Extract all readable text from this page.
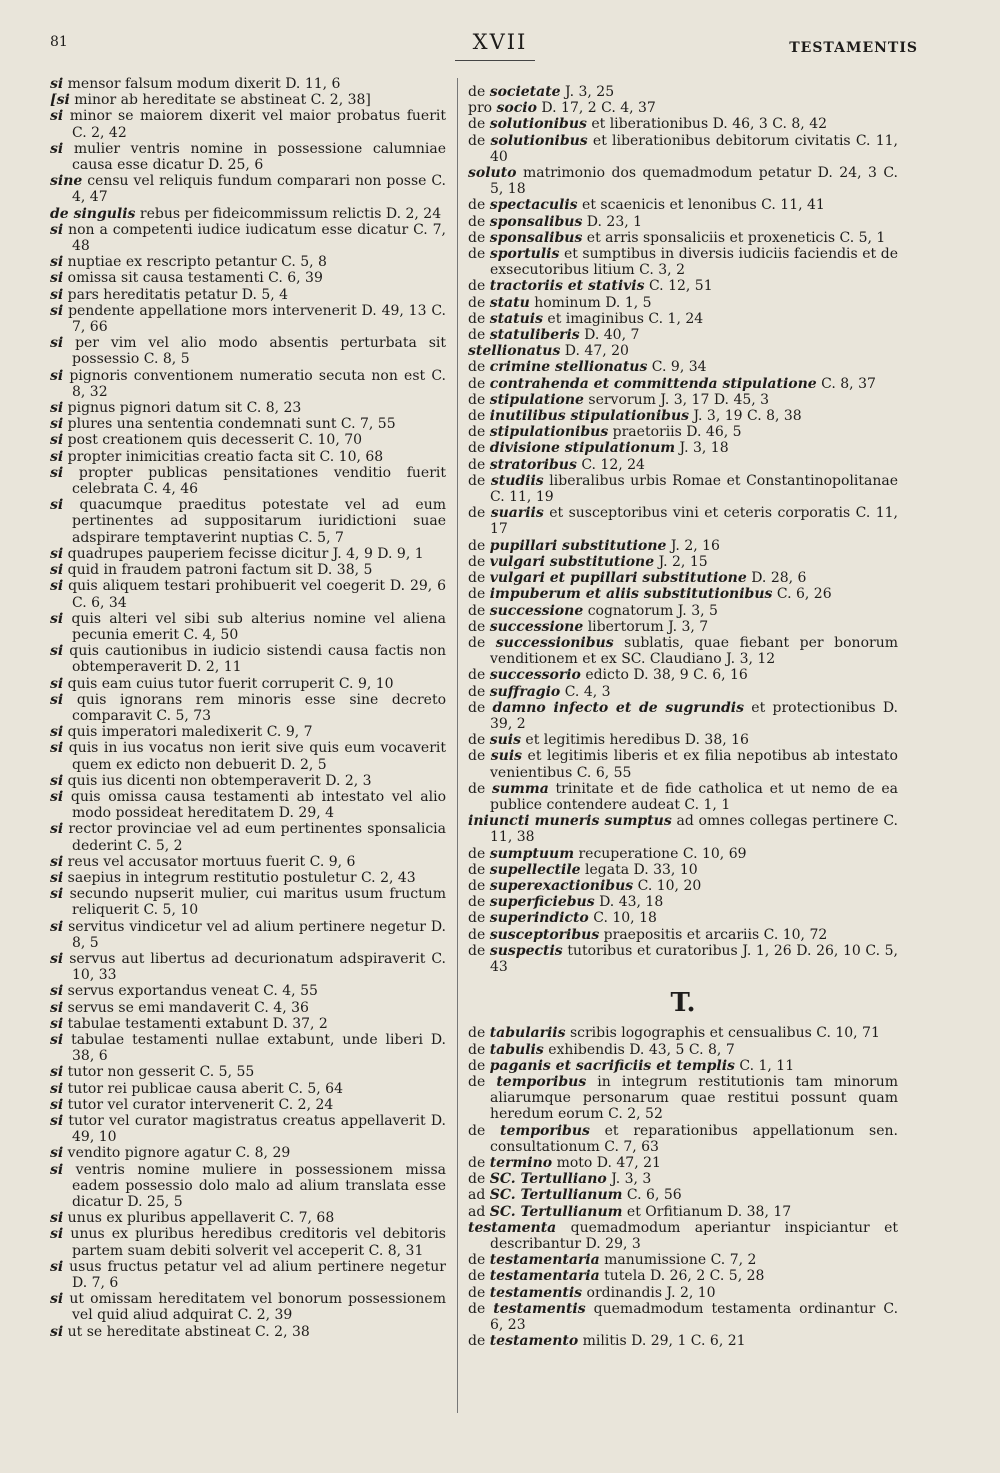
81	XVII	TESTAMENTIS

si mensor falsum modum dixerit D. 11, 6

[si minor ab hereditate se abstineat C. 2, 38]

si minor se maiorem dixerit vel maior probatus fuerit C. 2, 42

si mulier ventris nomine in possessione calumniae causa esse dicatur D. 25, 6

sine censu vel reliquis fundum comparari non posse C. 4, 47

de singulis rebus per fideicommissum relictis D. 2, 24

si non a competenti iudice iudicatum esse dicatur C. 7, 48

si nuptiae ex rescripto petantur C. 5, 8

si omissa sit causa testamenti C. 6, 39

si pars hereditatis petatur D. 5, 4

si pendente appellatione mors intervenerit D. 49, 13 C. 7, 66

si per vim vel alio modo absentis perturbata sit possessio C. 8, 5

si pignoris conventionem numeratio secuta non est C. 8, 32

si pignus pignori datum sit C. 8, 23

si plures una sententia condemnati sunt C. 7, 55

si post creationem quis decesserit C. 10, 70

si propter inimicitias creatio facta sit C. 10, 68

si propter publicas pensitationes venditio fuerit celebrata C. 4, 46

si quacumque praeditus potestate vel ad eum pertinentes ad suppositarum iuridictioni suae adspirare temptaverint nuptias C. 5, 7

si quadrupes pauperiem fecisse dicitur J. 4, 9 D. 9, 1

si quid in fraudem patroni factum sit D. 38, 5

si quis aliquem testari prohibuerit vel coegerit D. 29, 6 C. 6, 34

si quis alteri vel sibi sub alterius nomine vel aliena pecunia emerit C. 4, 50

si quis cautionibus in iudicio sistendi causa factis non obtemperaverit D. 2, 11

si quis eam cuius tutor fuerit corruperit C. 9, 10

si quis ignorans rem minoris esse sine decreto comparavit C. 5, 73

si quis imperatori maledixerit C. 9, 7

si quis in ius vocatus non ierit sive quis eum vocaverit quem ex edicto non debuerit D. 2, 5

si quis ius dicenti non obtemperaverit D. 2, 3

si quis omissa causa testamenti ab intestato vel alio modo possideat hereditatem D. 29, 4

si rector provinciae vel ad eum pertinentes sponsalicia dederint C. 5, 2

si reus vel accusator mortuus fuerit C. 9, 6

si saepius in integrum restitutio postuletur C. 2, 43

si secundo nupserit mulier, cui maritus usum fructum reliquerit C. 5, 10

si servitus vindicetur vel ad alium pertinere negetur D. 8, 5

si servus aut libertus ad decurionatum adspiraverit C. 10, 33

si servus exportandus veneat C. 4, 55

si servus se emi mandaverit C. 4, 36

si tabulae testamenti extabunt D. 37, 2

si tabulae testamenti nullae extabunt, unde liberi D. 38, 6

si tutor non gesserit C. 5, 55

si tutor rei publicae causa aberit C. 5, 64

si tutor vel curator intervenerit C. 2, 24

si tutor vel curator magistratus creatus appellaverit D. 49, 10

si vendito pignore agatur C. 8, 29

si ventris nomine muliere in possessionem missa eadem possessio dolo malo ad alium translata esse dicatur D. 25, 5

si unus ex pluribus appellaverit C. 7, 68

si unus ex pluribus heredibus creditoris vel debitoris partem suam debiti solverit vel acceperit C. 8, 31

si usus fructus petatur vel ad alium pertinere negetur D. 7, 6

si ut omissam hereditatem vel bonorum possessionem vel quid aliud adquirat C. 2, 39

si ut se hereditate abstineat C. 2, 38

de societate J. 3, 25

pro socio D. 17, 2 C. 4, 37

de solutionibus et liberationibus D. 46, 3 C. 8, 42

de solutionibus et liberationibus debitorum civitatis C. 11, 40

soluto matrimonio dos quemadmodum petatur D. 24, 3 C. 5, 18

de spectaculis et scaenicis et lenonibus C. 11, 41

de sponsalibus D. 23, 1

de sponsalibus et arris sponsaliciis et proxeneticis C. 5, 1

de sportulis et sumptibus in diversis iudiciis faciendis et de exsecutoribus litium C. 3, 2

de tractoriis et stativis C. 12, 51

de statu hominum D. 1, 5

de statuis et imaginibus C. 1, 24

de statuliberis D. 40, 7

stellionatus D. 47, 20

de crimine stellionatus C. 9, 34

de contrahenda et committenda stipulatione C. 8, 37

de stipulatione servorum J. 3, 17 D. 45, 3

de inutilibus stipulationibus J. 3, 19 C. 8, 38

de stipulationibus praetoriis D. 46, 5

de divisione stipulationum J. 3, 18

de stratoribus C. 12, 24

de studiis liberalibus urbis Romae et Constantinopolitanae C. 11, 19

de suariis et susceptoribus vini et ceteris corporatis C. 11, 17

de pupillari substitutione J. 2, 16

de vulgari substitutione J. 2, 15

de vulgari et pupillari substitutione D. 28, 6

de impuberum et aliis substitutionibus C. 6, 26

de successione cognatorum J. 3, 5

de successione libertorum J. 3, 7

de successionibus sublatis, quae fiebant per bonorum venditionem et ex SC. Claudiano J. 3, 12

de successorio edicto D. 38, 9 C. 6, 16

de suffragio C. 4, 3

de damno infecto et de sugrundis et protectionibus D. 39, 2

de suis et legitimis heredibus D. 38, 16

de suis et legitimis liberis et ex filia nepotibus ab intestato venientibus C. 6, 55

de summa trinitate et de fide catholica et ut nemo de ea publice contendere audeat C. 1, 1

iniuncti muneris sumptus ad omnes collegas pertinere C. 11, 38

de sumptuum recuperatione C. 10, 69

de supellectile legata D. 33, 10

de superexactionibus C. 10, 20

de superficiebus D. 43, 18

de superindicto C. 10, 18

de susceptoribus praepositis et arcariis C. 10, 72

de suspectis tutoribus et curatoribus J. 1, 26 D. 26, 10 C. 5, 43

T.

de tabulariis scribis logographis et censualibus C. 10, 71

de tabulis exhibendis D. 43, 5 C. 8, 7

de paganis et sacrificiis et templis C. 1, 11

de temporibus in integrum restitutionis tam minorum aliarumque personarum quae restitui possunt quam heredum eorum C. 2, 52

de temporibus et reparationibus appellationum sen. consultationum C. 7, 63

de termino moto D. 47, 21

de SC. Tertulliano J. 3, 3

ad SC. Tertullianum C. 6, 56

ad SC. Tertullianum et Orfitianum D. 38, 17

testamenta quemadmodum aperiantur inspiciantur et describantur D. 29, 3

de testamentaria manumissione C. 7, 2

de testamentaria tutela D. 26, 2 C. 5, 28

de testamentis ordinandis J. 2, 10

de testamentis quemadmodum testamenta ordinantur C. 6, 23

de testamento militis D. 29, 1 C. 6, 21
